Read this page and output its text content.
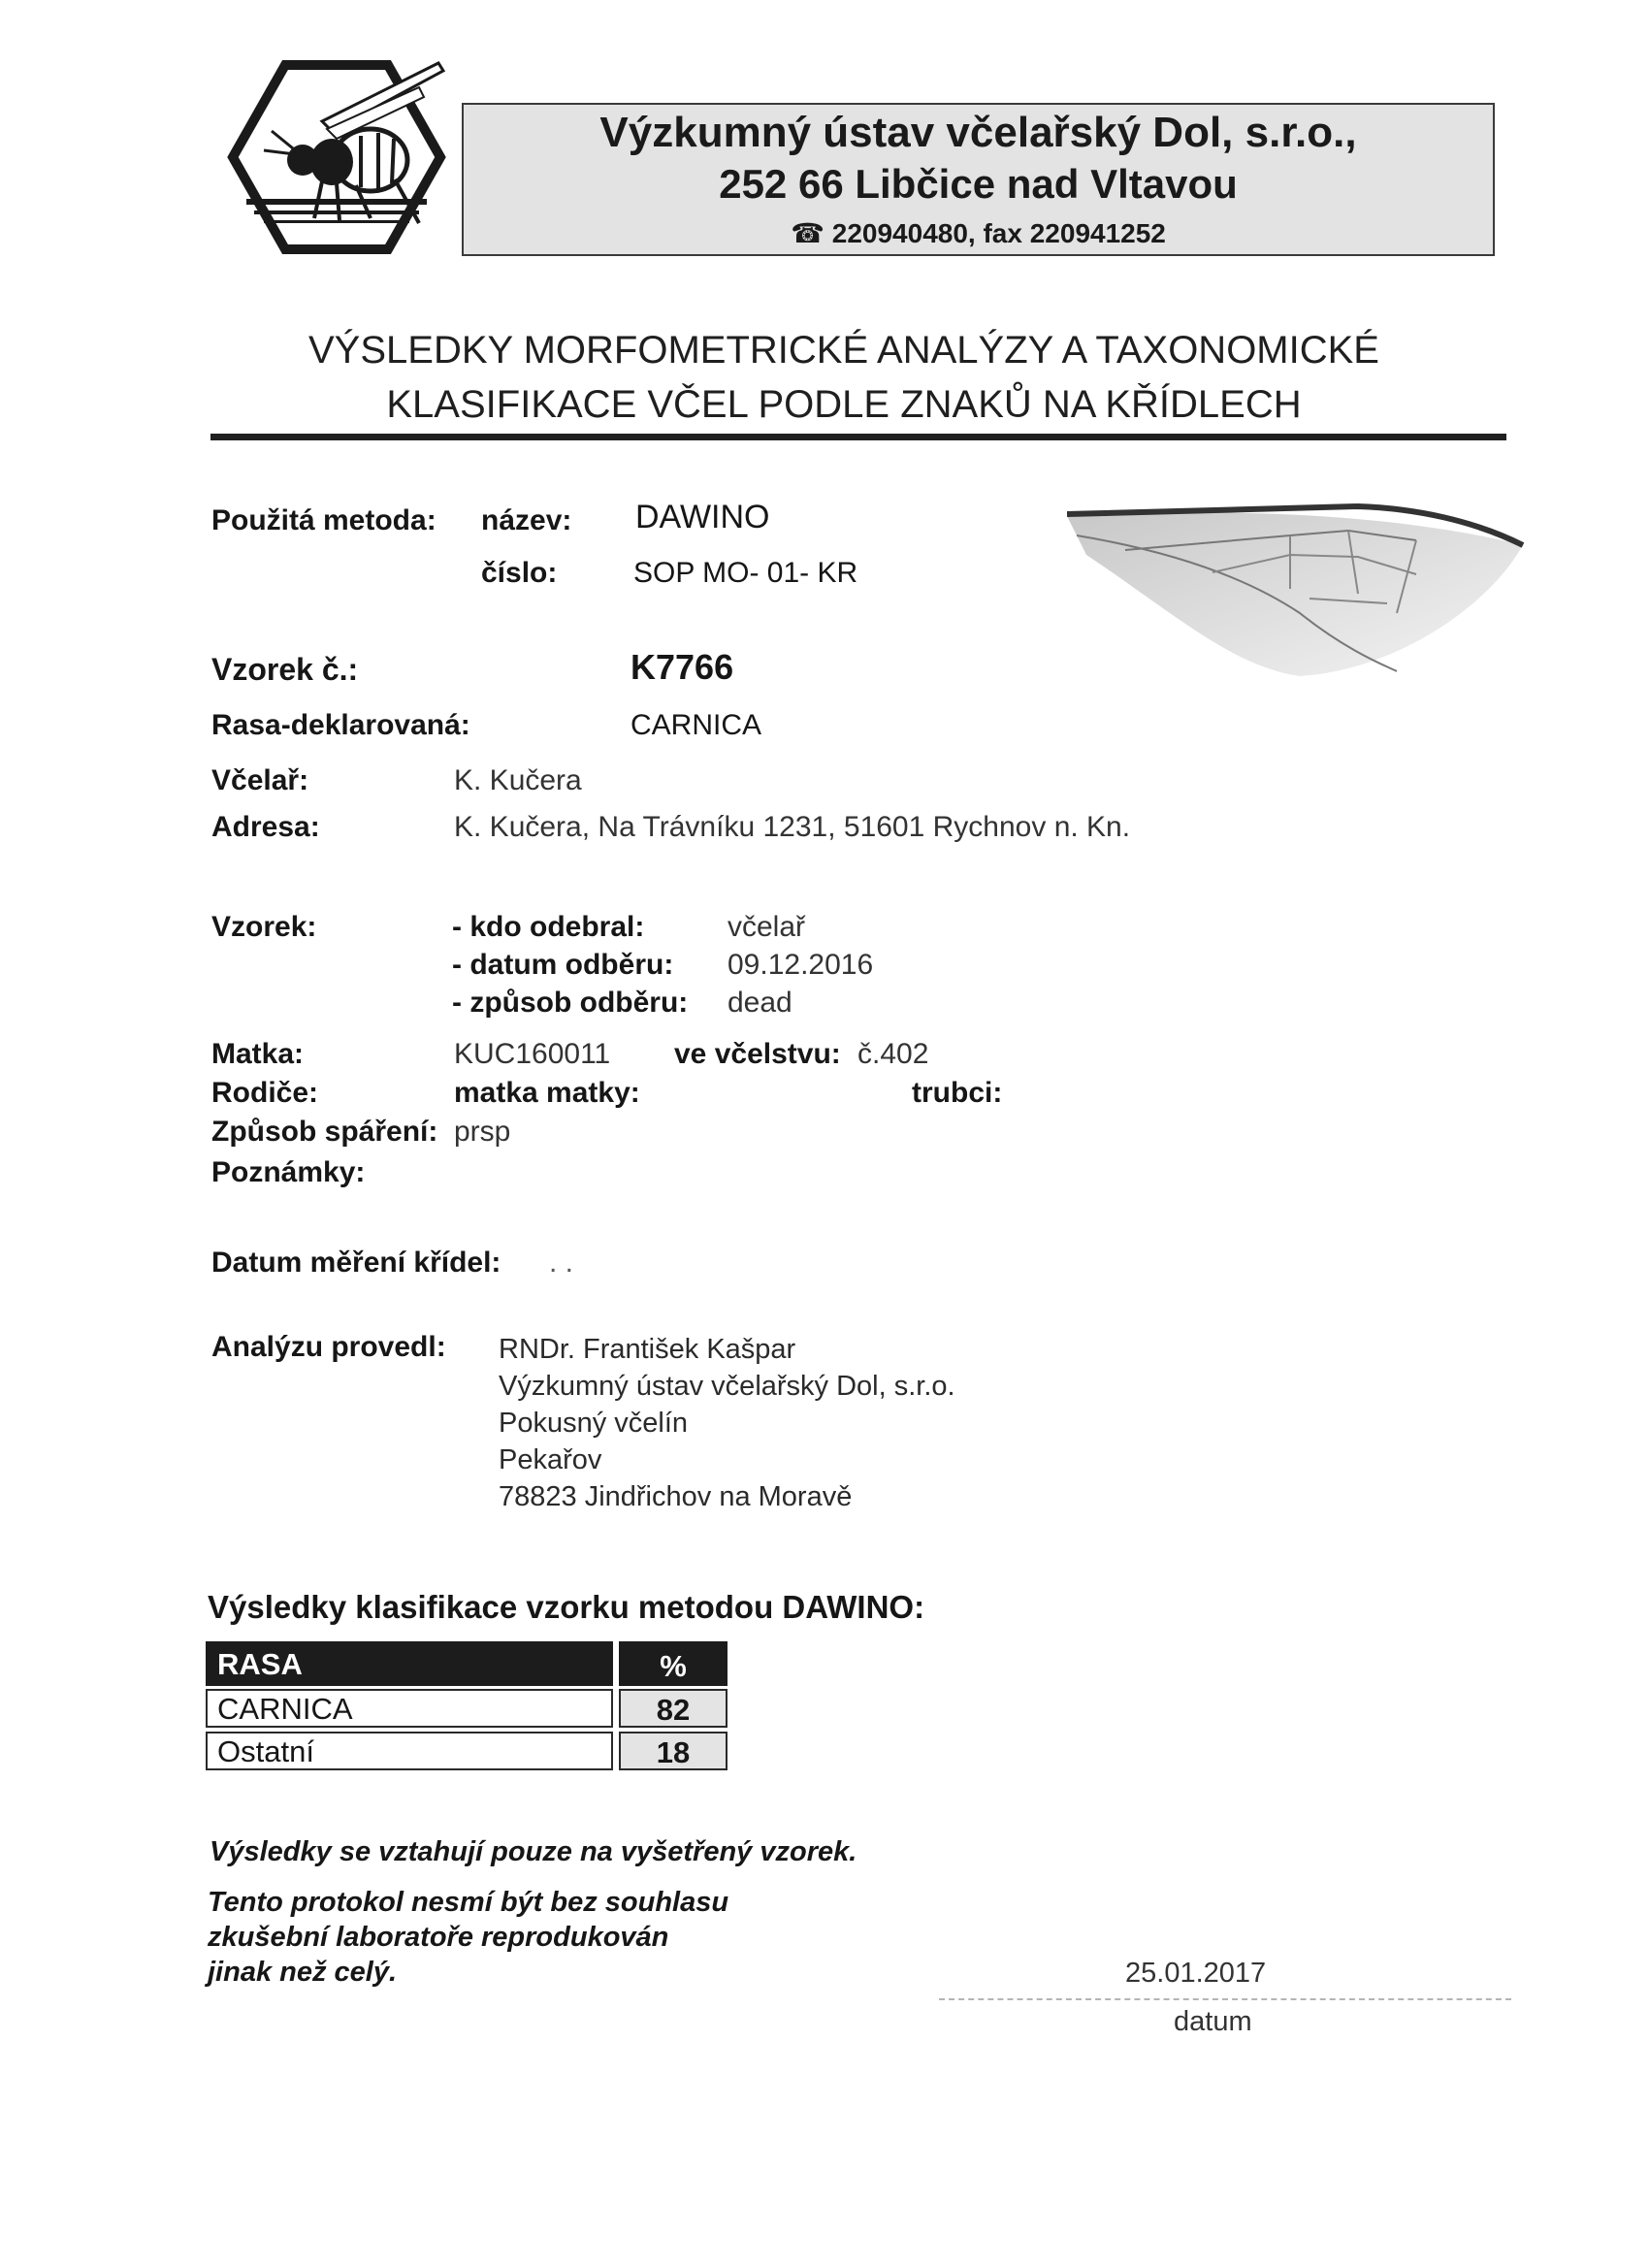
Výzkumný ústav včelařský Dol, s.r.o.,
252 66 Libčice nad Vltavou
☎ 220940480, fax 220941252
VÝSLEDKY MORFOMETRICKÉ ANALÝZY A TAXONOMICKÉ
KLASIFIKACE VČEL PODLE ZNAKŮ NA KŘÍDLECH
Použitá metoda: název: DAWINO
číslo:	SOP MO- 01- KR
Vzorek č.:	K7766
Rasa-deklarovaná:	CARNICA
Včelař:	K. Kučera
Adresa:	K. Kučera, Na Trávníku 1231, 51601 Rychnov n. Kn.
Vzorek:	- kdo odebral:	včelař
- datum odběru: 09.12.2016
- způsob odběru: dead
Matka:	KUC160011 ve včelstvu: č.402
Rodiče:	matka matky:	trubci:
Způsob spáření: prsp
Poznámky:
Datum měření křídel: . .
Analýzu provedl: RNDr. František Kašpar
Výzkumný ústav včelařský Dol, s.r.o.
Pokusný včelín
Pekařov
78823 Jindřichov na Moravě
Výsledky klasifikace vzorku metodou DAWINO:
RASA	%
CARNICA	82
Ostatní	18
Výsledky se vztahují pouze na vyšetřený vzorek.
Tento protokol nesmí být bez souhlasu
zkušební laboratoře reprodukován
jinak než celý.	25.01.2017
datum
